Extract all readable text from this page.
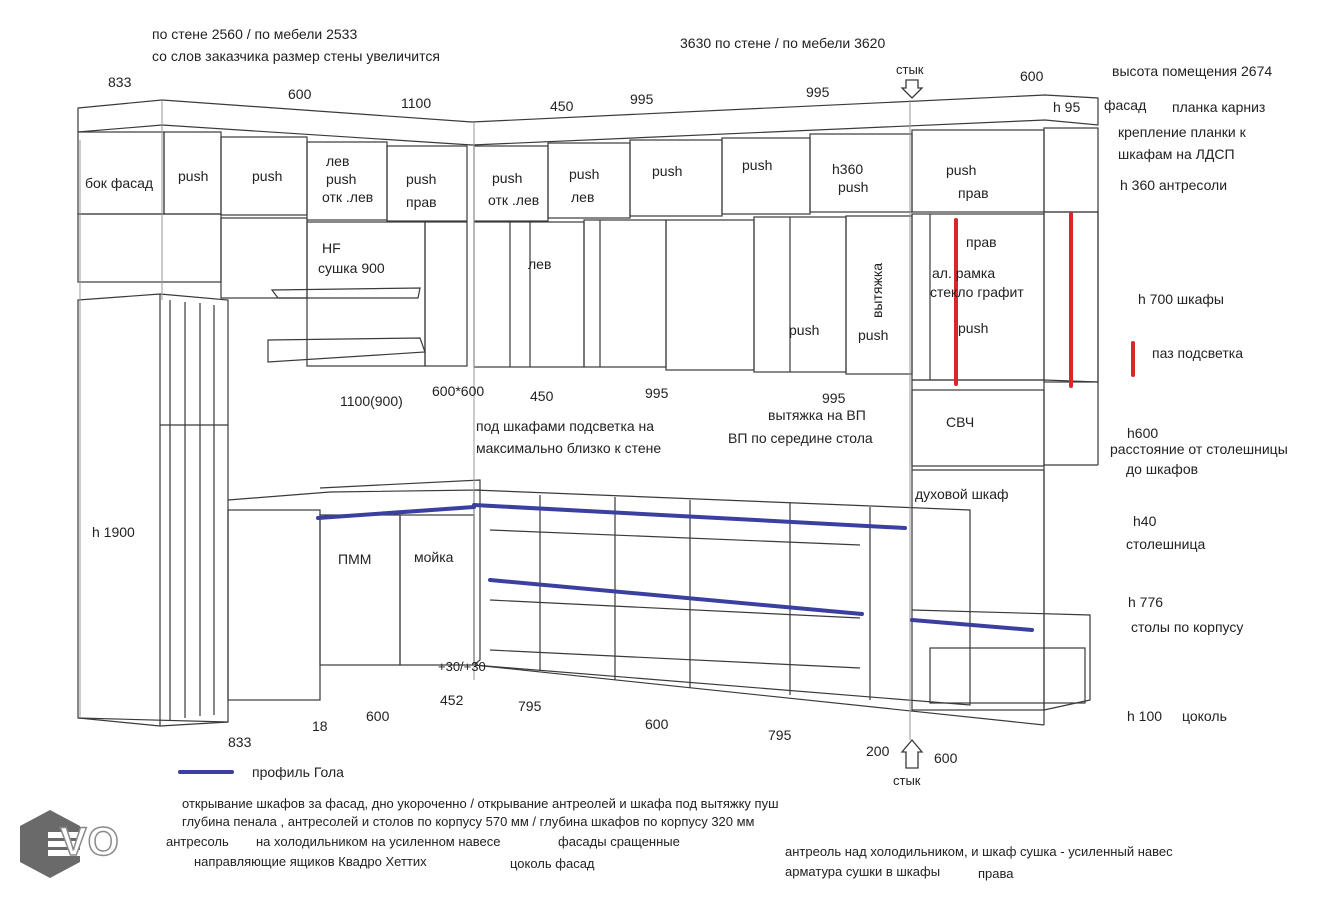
по стене 2560 / по мебели 2533
со слов заказчика размер стены увеличится
3630 по стене / по мебели 3620
высота помещения 2674
833
600
1100	450	995	995
стык	600
бок фасад push	push
лев
push
отк .лев
push
прав
push
отк .лев
push
лев
push	push	h360
push
push
прав
HF
сушка 900	лев
push
вытяжка
push
прав
ал. рамка
стекло графит
push
СВЧ
духовой шкаф
ПММ	мойка
1100(900)
600*600	450	995	995
h 1900
под шкафами подсветка на
максимально близко к стене
вытяжка на ВП
ВП по середине стола
+30/+30
452
18
600
833
795
600
795
200	600
стык
h 95 фасад планка карниз
крепление планки к
шкафам на ЛДСП
h 360 антресоли
h 700 шкафы
паз подсветка
h600
расстояние от столешницы
до шкафов
h40
столешница
h 776
столы по корпусу
h 100 цоколь
профиль Гола
открывание шкафов за фасад, дно укороченно / открывание антреолей и шкафа под вытяжку пуш
глубина пенала , антресолей и столов по корпусу 570 мм / глубина шкафов по корпусу 320 мм
антресоль на холодильником на усиленном навесе	фасады сращенные
направляющие ящиков Квадро Хеттих	цоколь фасад
антреоль над холодильником, и шкаф сушка - усиленный навес
арматура сушки в шкафы	права
VO
